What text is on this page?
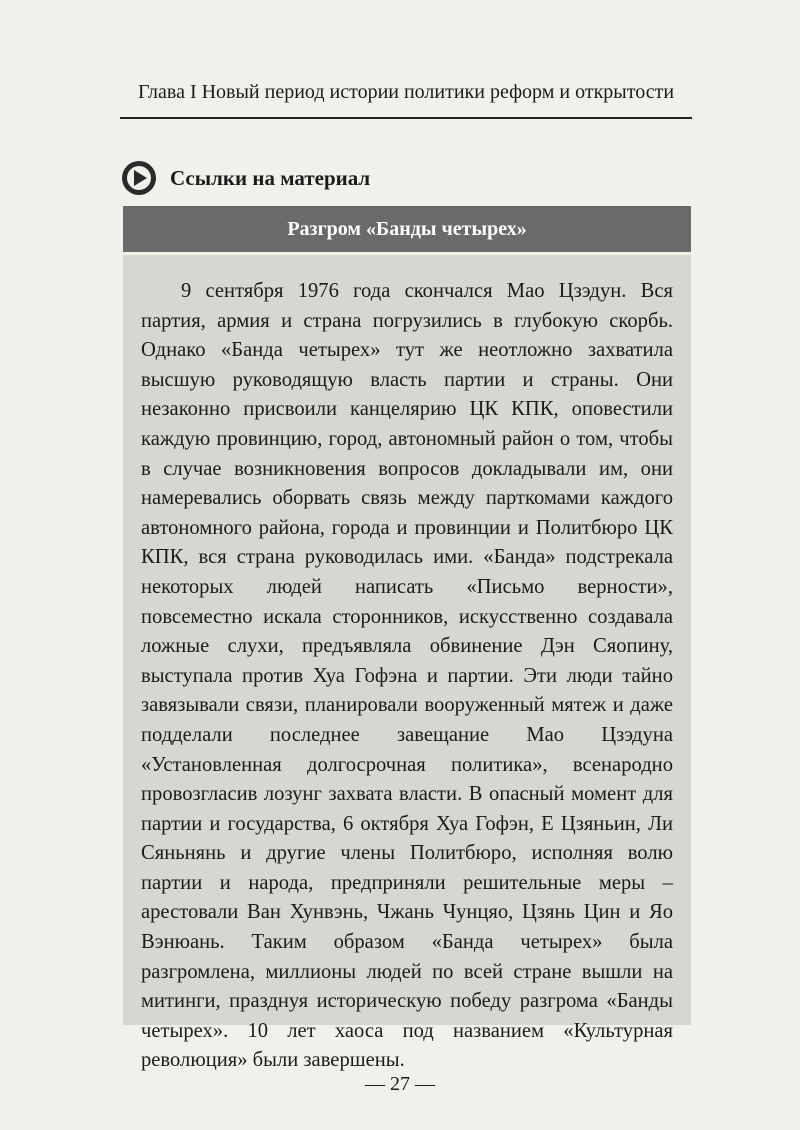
Глава I Новый период истории политики реформ и открытости
Ссылки на материал
Разгром «Банды четырех»

9 сентября 1976 года скончался Мао Цзэдун. Вся партия, армия и страна погрузились в глубокую скорбь. Однако «Банда четырех» тут же неотложно захватила высшую руководящую власть партии и страны. Они незаконно присвоили канцелярию ЦК КПК, оповестили каждую провинцию, город, автономный район о том, чтобы в случае возникновения вопросов докладывали им, они намеревались оборвать связь между парткомами каждого автономного района, города и провинции и Политбюро ЦК КПК, вся страна руководилась ими. «Банда» подстрекала некоторых людей написать «Письмо верности», повсеместно искала сторонников, искусственно создавала ложные слухи, предъявляла обвинение Дэн Сяопину, выступала против Хуа Гофэна и партии. Эти люди тайно завязывали связи, планировали вооруженный мятеж и даже подделали последнее завещание Мао Цзэдуна «Установленная долгосрочная политика», всенародно провозгласив лозунг захвата власти. В опасный момент для партии и государства, 6 октября Хуа Гофэн, Е Цзяньин, Ли Сяньнянь и другие члены Политбюро, исполняя волю партии и народа, предприняли решительные меры – арестовали Ван Хунвэнь, Чжань Чунцяо, Цзянь Цин и Яо Вэнюань. Таким образом «Банда четырех» была разгромлена, миллионы людей по всей стране вышли на митинги, празднуя историческую победу разгрома «Банды четырех». 10 лет хаоса под названием «Культурная революция» были завершены.

— 27 —
